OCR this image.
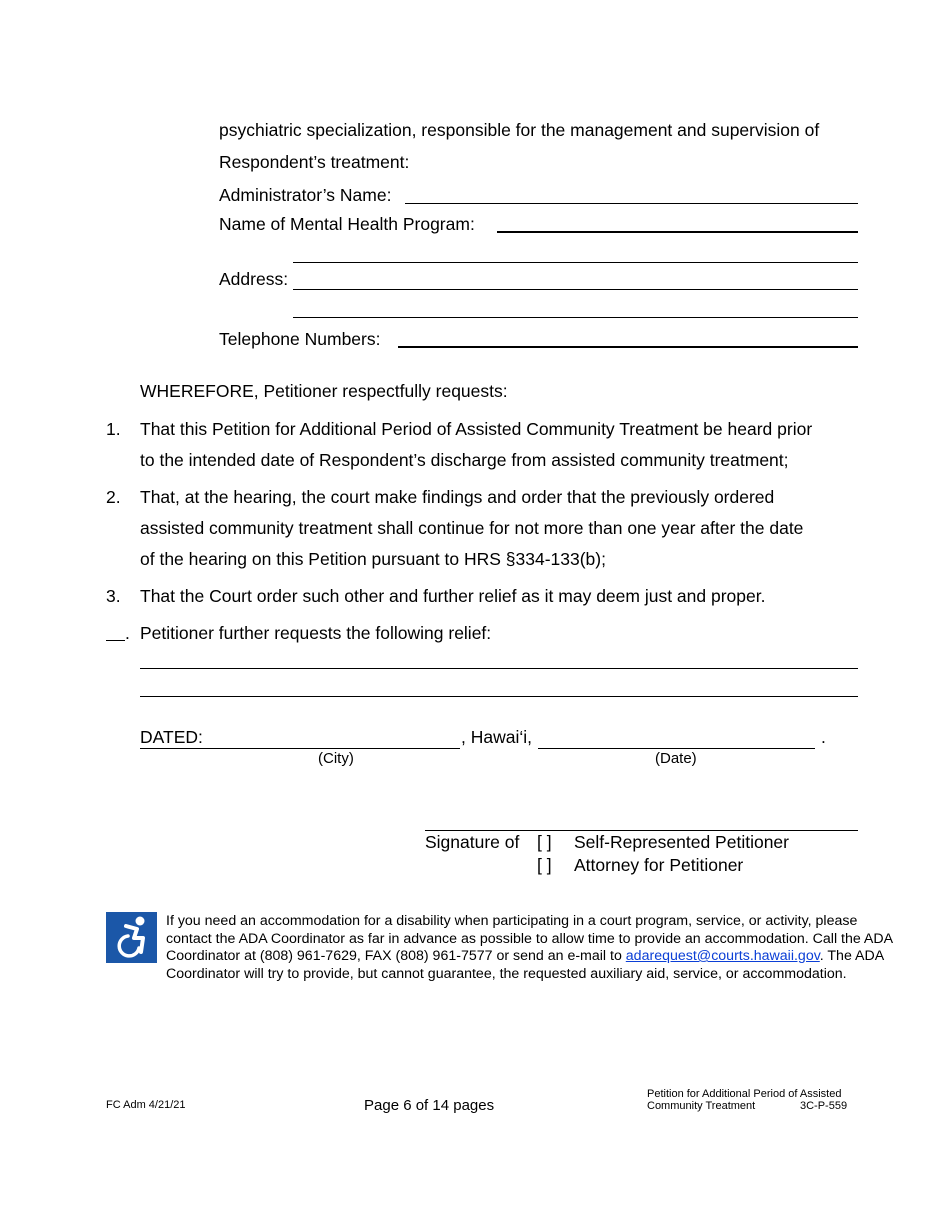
psychiatric specialization, responsible for the management and supervision of
Respondent’s treatment:
Administrator’s Name:
Name of Mental Health Program:
Address:
Telephone Numbers:
WHEREFORE, Petitioner respectfully requests:
1. That this Petition for Additional Period of Assisted Community Treatment be heard prior
to the intended date of Respondent’s discharge from assisted community treatment;
2. That, at the hearing, the court make findings and order that the previously ordered
assisted community treatment shall continue for not more than one year after the date
of the hearing on this Petition pursuant to HRS §334-133(b);
3. That the Court order such other and further relief as it may deem just and proper.
. Petitioner further requests the following relief:
DATED:	, Hawai‘i,	.
(City)	(Date)
Signature of [ ] Self-Represented Petitioner
[ ] Attorney for Petitioner
If you need an accommodation for a disability when participating in a court program, service, or activity, please contact the ADA Coordinator as far in advance as possible to allow time to provide an accommodation. Call the ADA Coordinator at (808) 961-7629, FAX (808) 961-7577 or send an e-mail to adarequest@courts.hawaii.gov. The ADA Coordinator will try to provide, but cannot guarantee, the requested auxiliary aid, service, or accommodation.
FC Adm 4/21/21	Page 6 of 14 pages
Petition for Additional Period of Assisted
Community Treatment	3C-P-559
